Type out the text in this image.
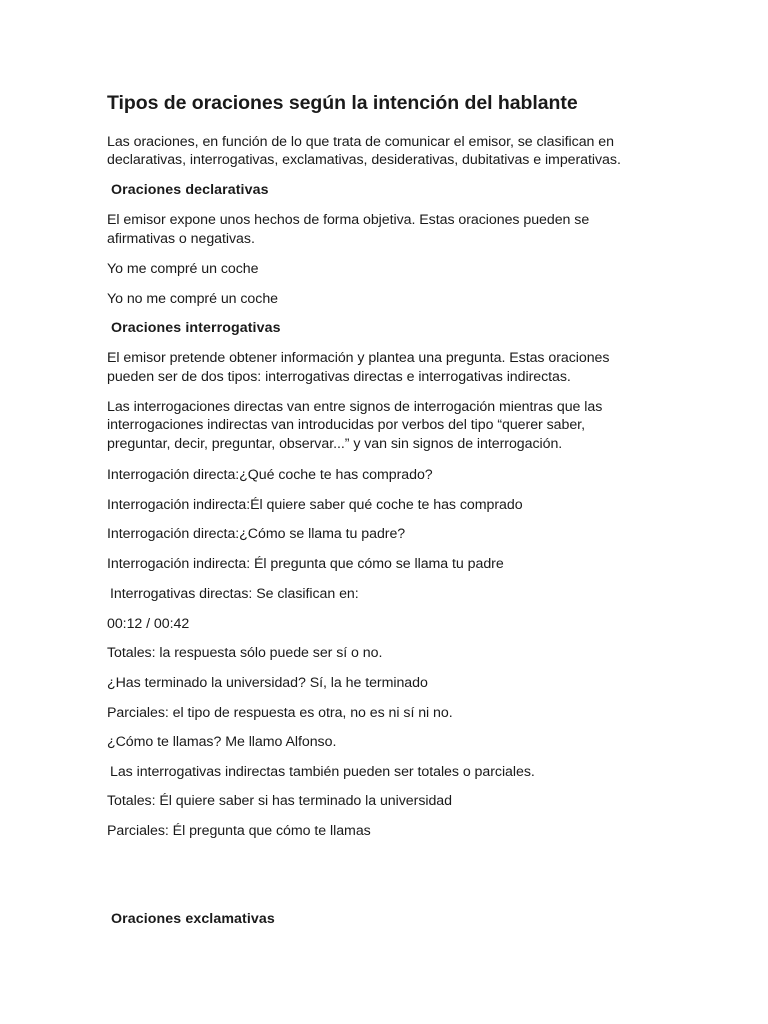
Tipos de oraciones según la intención del hablante
Las oraciones, en función de lo que trata de comunicar el emisor, se clasifican en
declarativas, interrogativas, exclamativas, desiderativas, dubitativas e imperativas.
Oraciones declarativas
El emisor expone unos hechos de forma objetiva. Estas oraciones pueden se
afirmativas o negativas.
Yo me compré un coche
Yo no me compré un coche
Oraciones interrogativas
El emisor pretende obtener información y plantea una pregunta. Estas oraciones
pueden ser de dos tipos: interrogativas directas e interrogativas indirectas.
Las interrogaciones directas van entre signos de interrogación mientras que las
interrogaciones indirectas van introducidas por verbos del tipo “querer saber,
preguntar, decir, preguntar, observar...” y van sin signos de interrogación.
Interrogación directa:¿Qué coche te has comprado?
Interrogación indirecta:Él quiere saber qué coche te has comprado
Interrogación directa:¿Cómo se llama tu padre?
Interrogación indirecta: Él pregunta que cómo se llama tu padre
Interrogativas directas: Se clasifican en:
00:12 / 00:42
Totales: la respuesta sólo puede ser sí o no.
¿Has terminado la universidad? Sí, la he terminado
Parciales: el tipo de respuesta es otra, no es ni sí ni no.
¿Cómo te llamas? Me llamo Alfonso.
Las interrogativas indirectas también pueden ser totales o parciales.
Totales: Él quiere saber si has terminado la universidad
Parciales: Él pregunta que cómo te llamas
Oraciones exclamativas
